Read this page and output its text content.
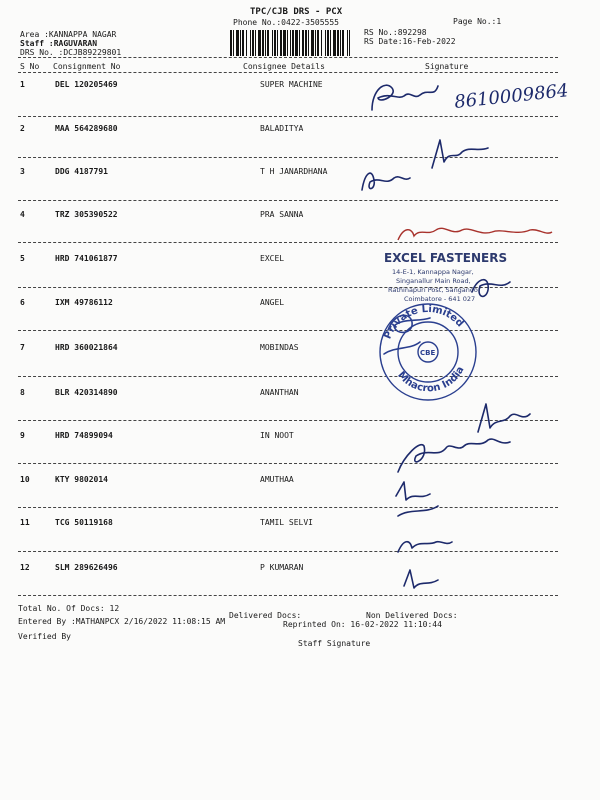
TPC/CJB DRS - PCX
Phone No.:0422-3505555	Page No.:1
Area :KANNAPPA NAGAR
Staff :RAGUVARAN
DRS No. :DCJB89229801
RS No.:892298
RS Date:16-Feb-2022
S No Consignment No	Consignee Details	Signature
1	DEL 120205469	SUPER MACHINE
2	MAA 564289680	BALADITYA
3	DDG 4187791	T H JANARDHANA
4	TRZ 305390522	PRA SANNA
5	HRD 741061877	EXCEL
6	IXM 49786112	ANGEL
7	HRD 360021864	MOBINDAS
8	BLR 420314890	ANANTHAN
9	HRD 74899094	IN NOOT
10	KTY 9802014	AMUTHAA
11	TCG 50119168	TAMIL SELVI
12	SLM 289626496	P KUMARAN
Total No. Of Docs: 12
Delivered Docs:	Non Delivered Docs:
Entered By :MATHANPCX 2/16/2022 11:08:15 AM	Reprinted On: 16-02-2022 11:10:44
Verified By
Staff Signature
8610009864
EXCEL FASTENERS
14-E-1, Kannappa Nagar,
Singanallur Main Road,
Rathinapuri Post, Sanganoor
Coimbatore - 641 027
CBE
Private Limited
Mhacron India
